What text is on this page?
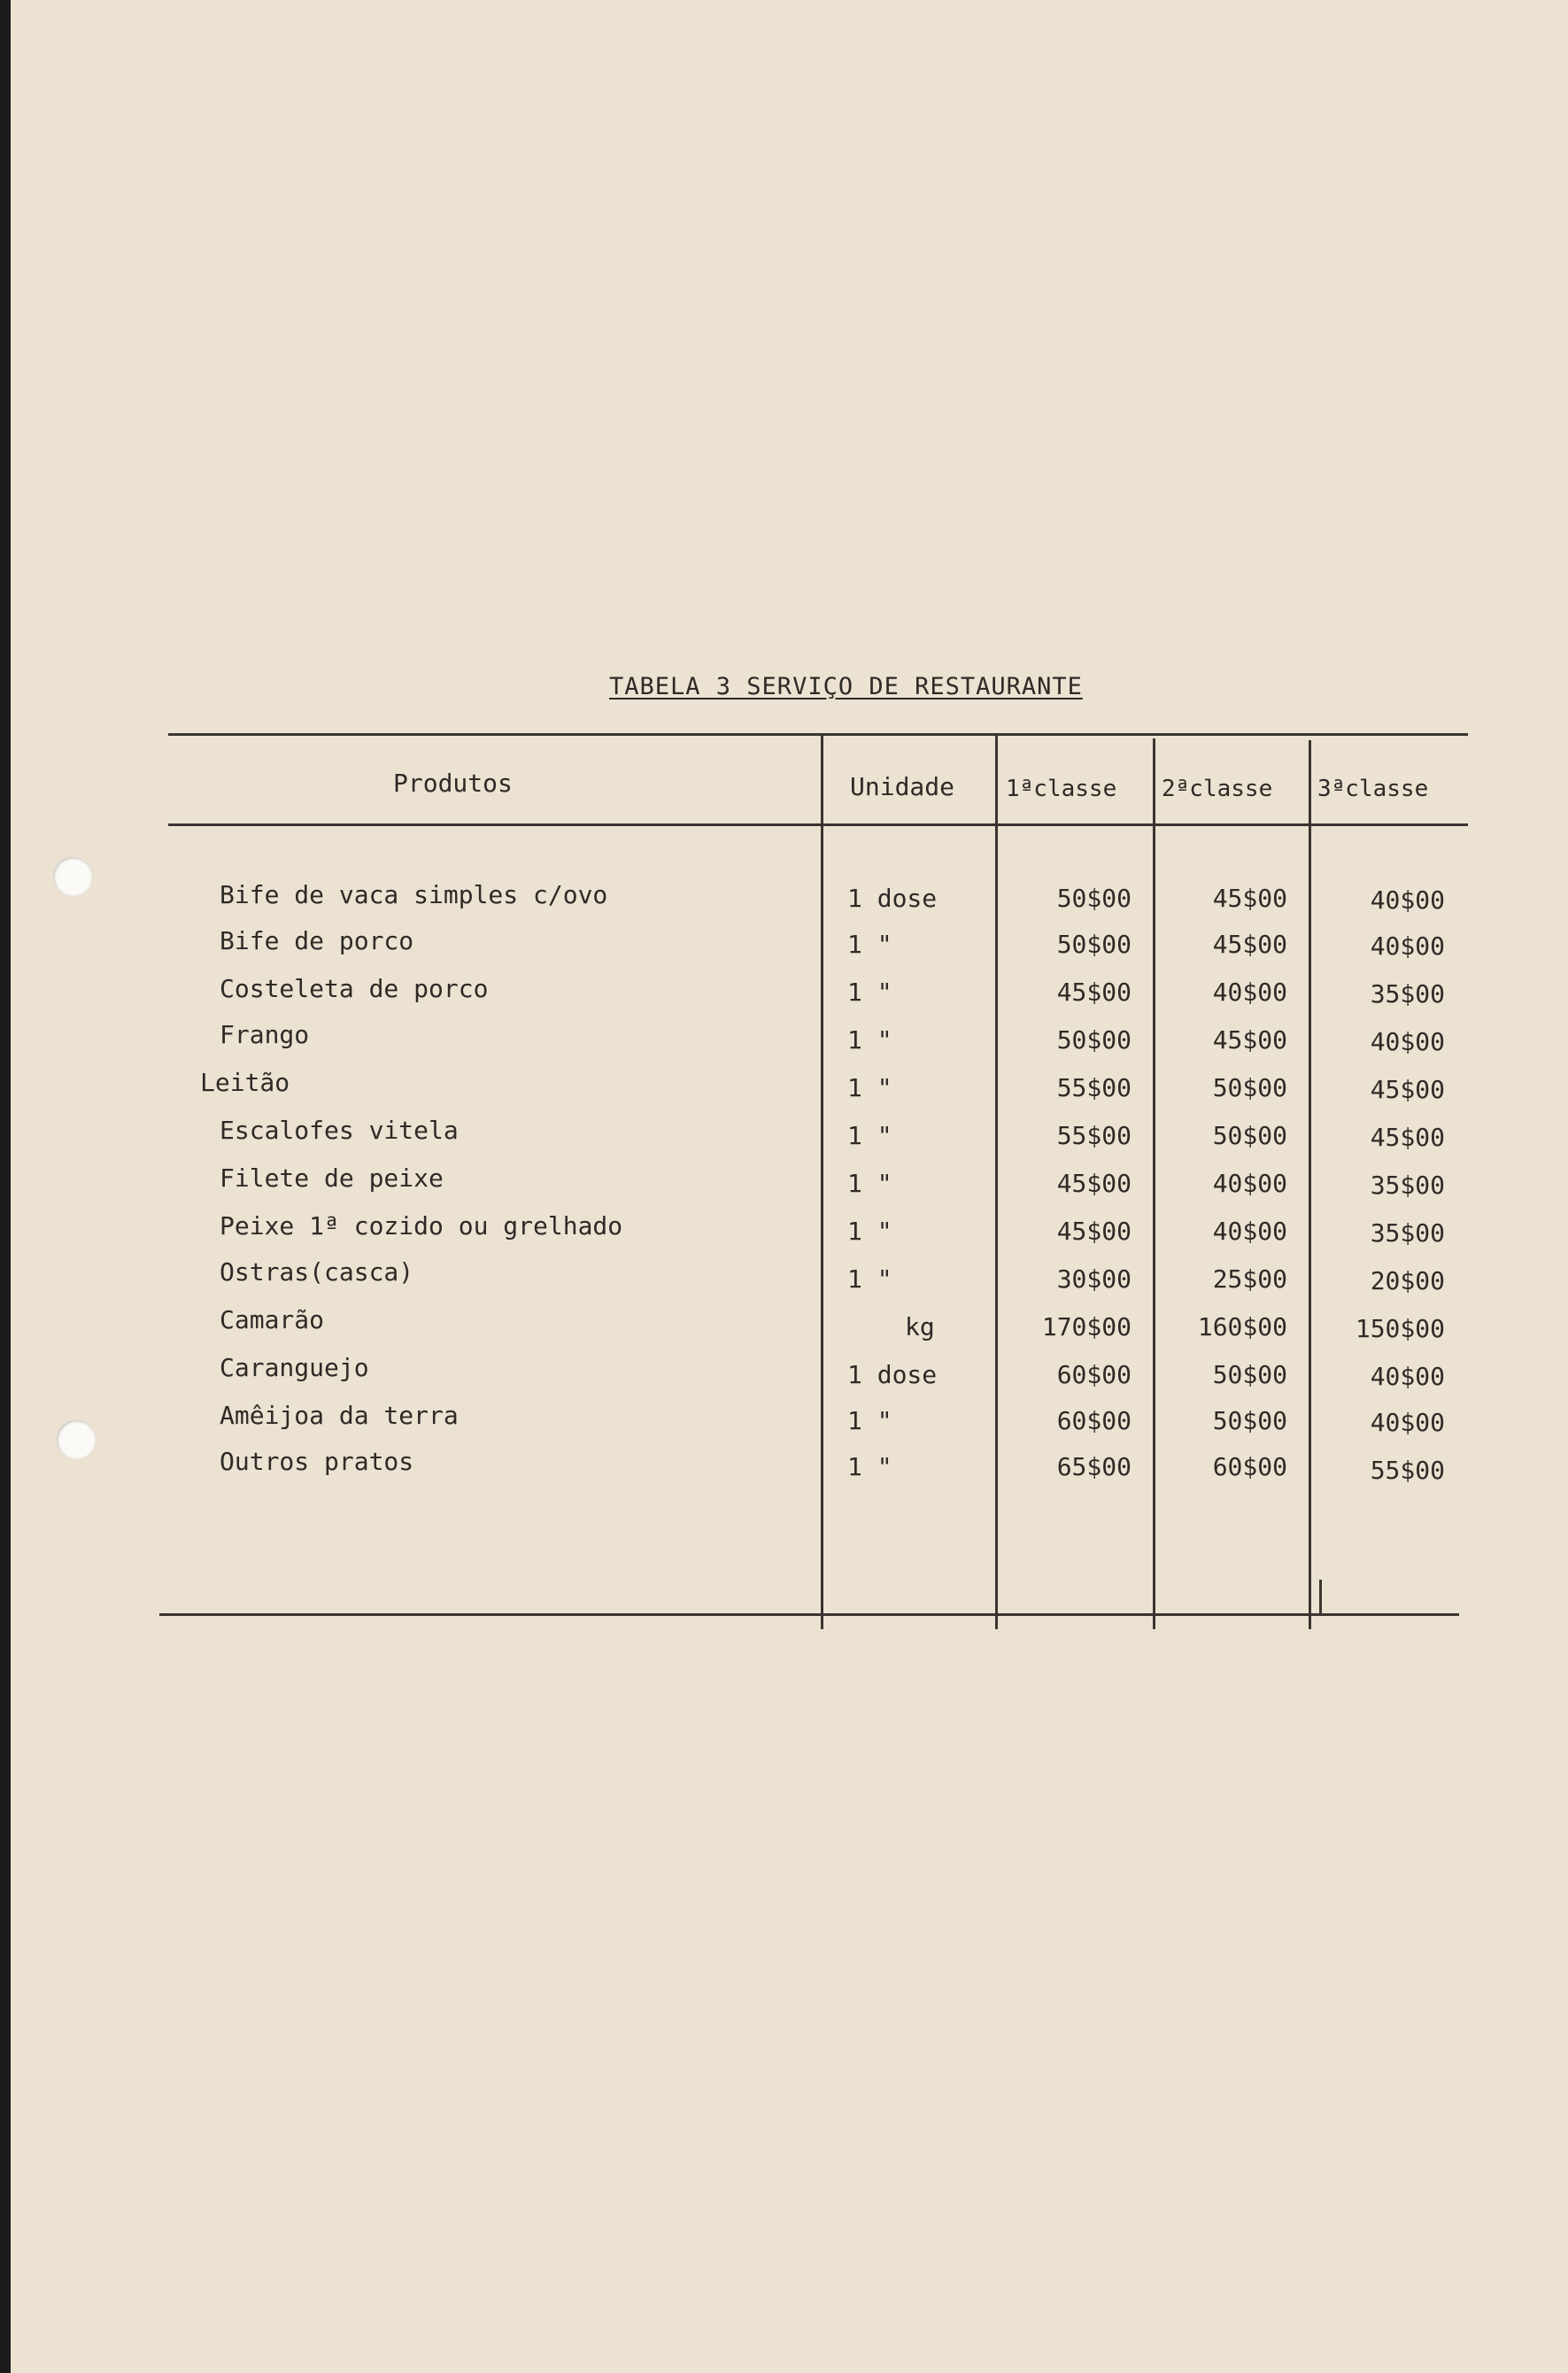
TABELA 3 SERVIÇO DE RESTAURANTE
Produtos	Unidade 1ªclasse 2ªclasse 3ªclasse
Bife de vaca simples c/ovo	1 dose	50$00	45$00	40$00
Bife de porco	1 "	50$00	45$00	40$00
Costeleta de porco	1 "	45$00	40$00	35$00
Frango	1 "	50$00	45$00	40$00
Leitão	1 "	55$00	50$00	45$00
Escalofes vitela	1 "	55$00	50$00	45$00
Filete de peixe	1 "	45$00	40$00	35$00
Peixe 1ª cozido ou grelhado	1 "	45$00	40$00	35$00
Ostras(casca)	1 "	30$00	25$00	20$00
Camarão	kg	170$00	160$00	150$00
Caranguejo	1 dose	60$00	50$00	40$00
Amêijoa da terra	1 "	60$00	50$00	40$00
Outros pratos	1 "	65$00	60$00	55$00
